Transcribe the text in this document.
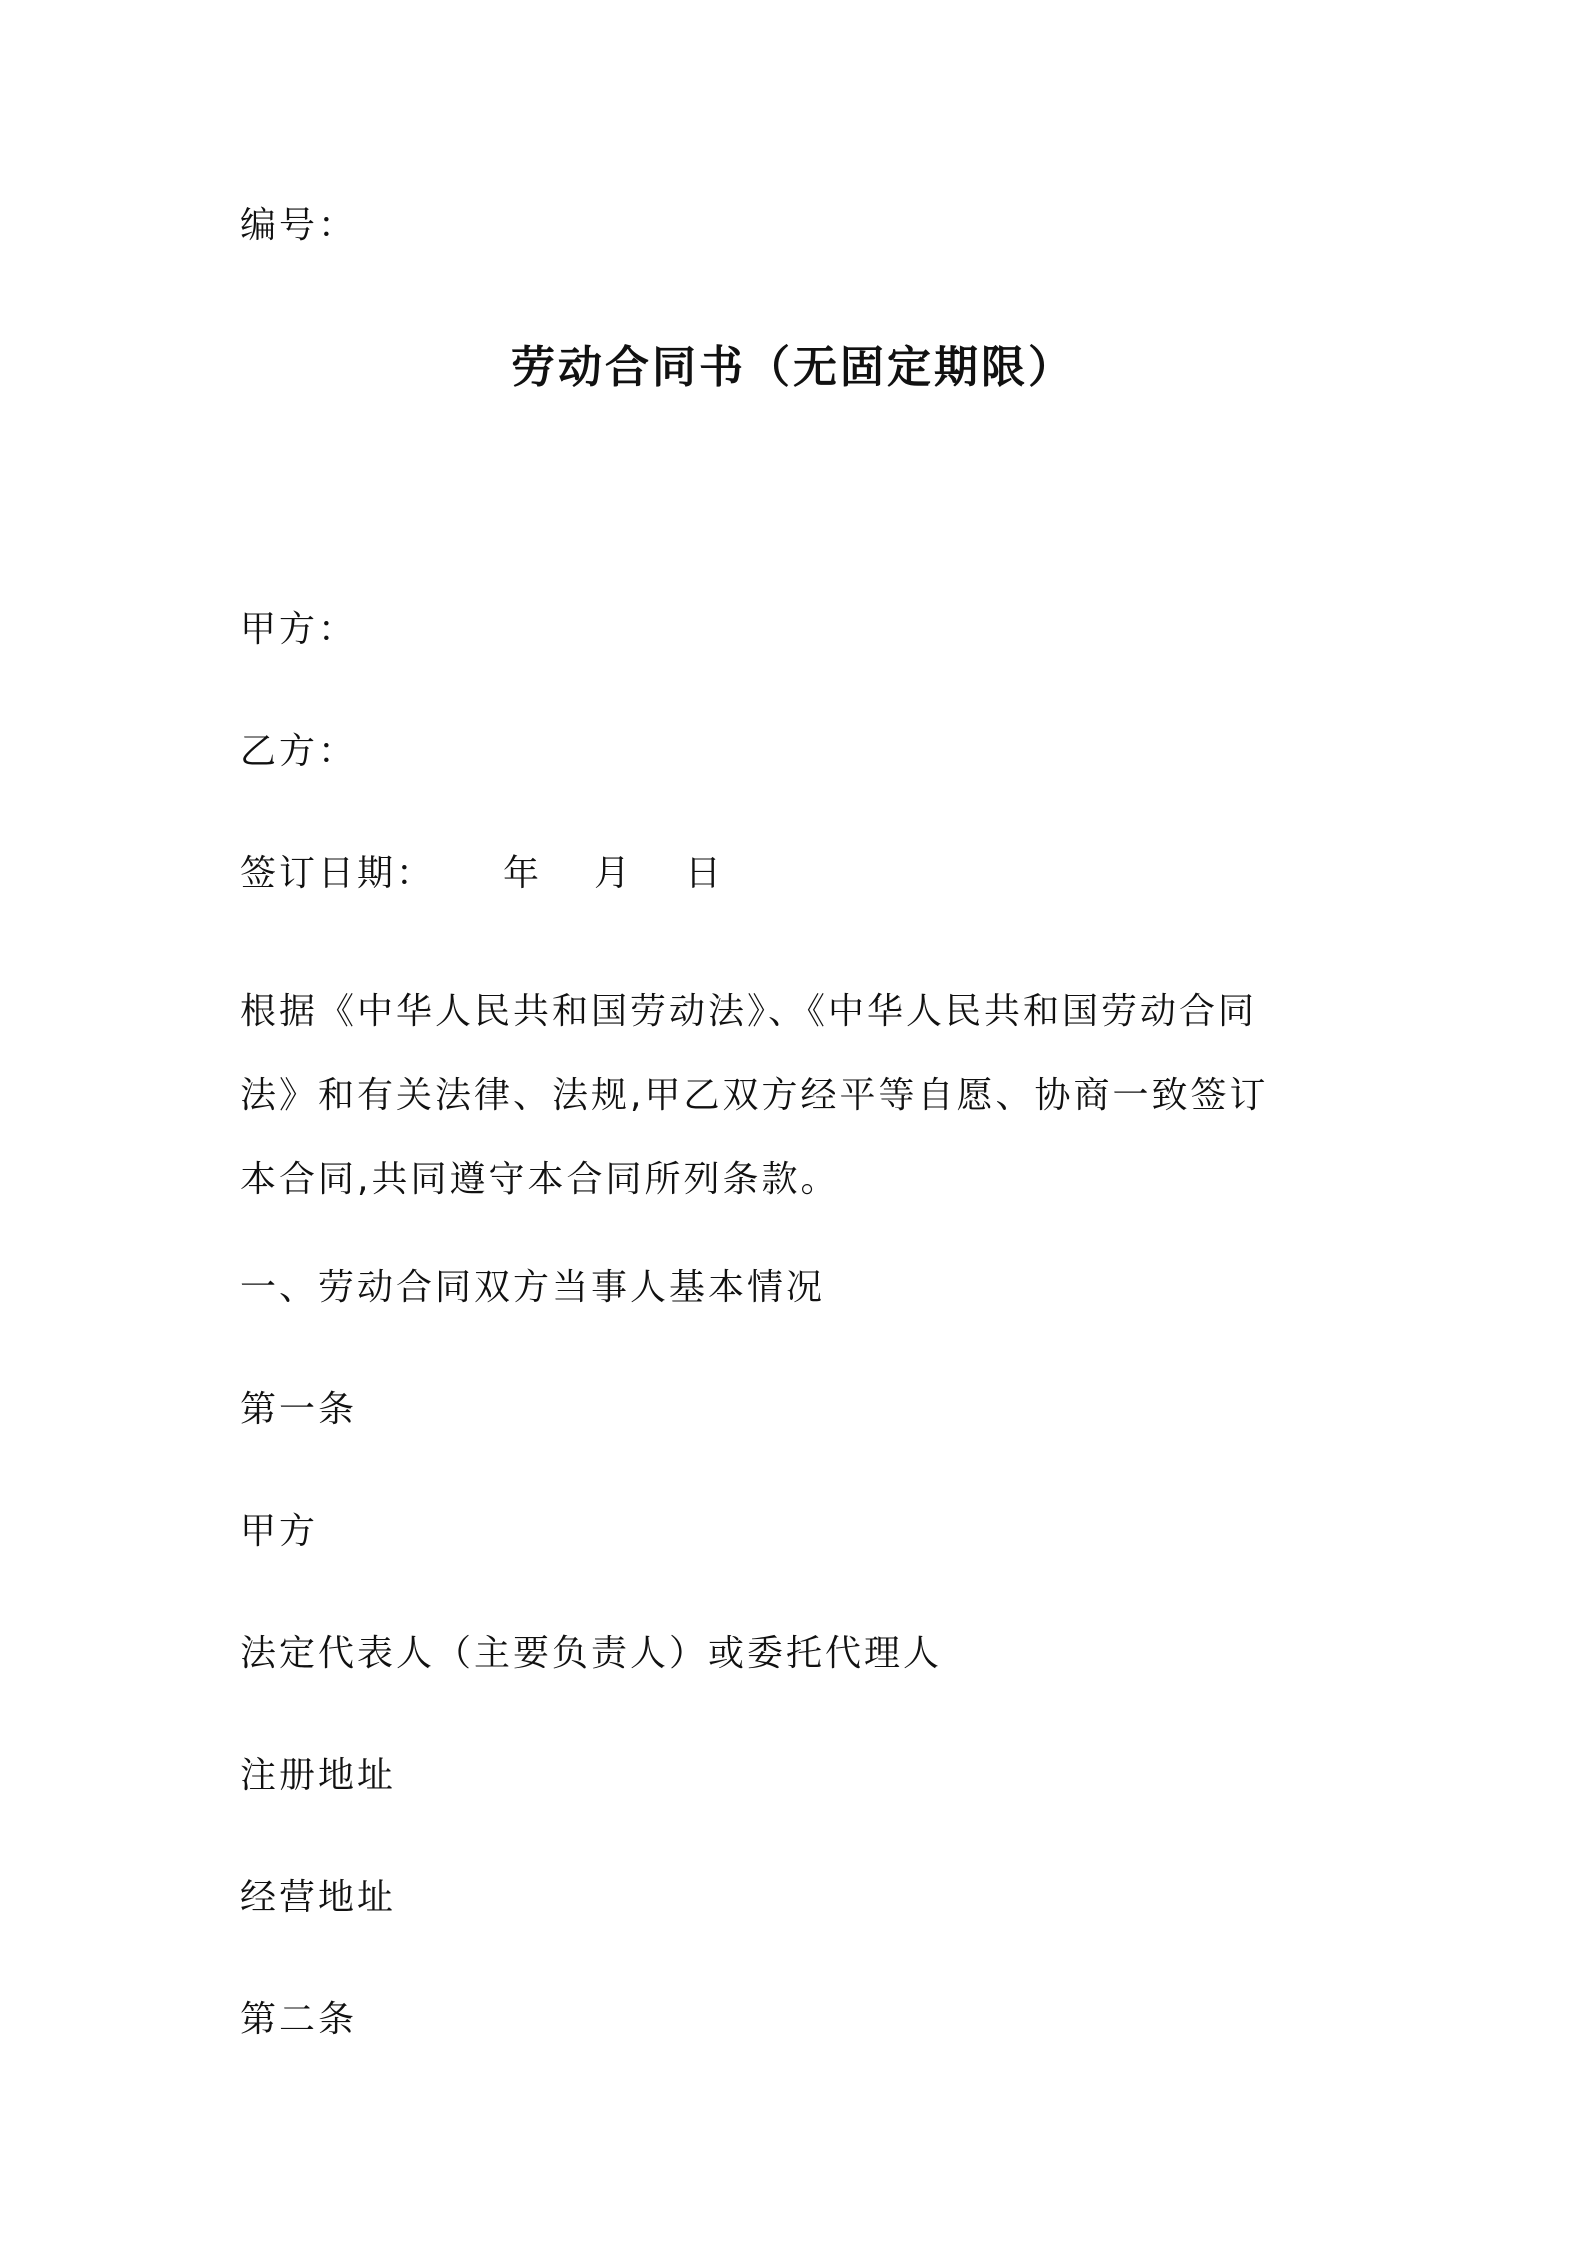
编号：
劳动合同书（无固定期限）
甲方：
乙方：
签订日期： 年 月 日
根据《中华人民共和国劳动法》、《中华人民共和国劳动合同
法》和有关法律、法规,甲乙双方经平等自愿、协商一致签订
本合同,共同遵守本合同所列条款。
一、劳动合同双方当事人基本情况
第一条
甲方
法定代表人（主要负责人）或委托代理人
注册地址
经营地址
第二条
